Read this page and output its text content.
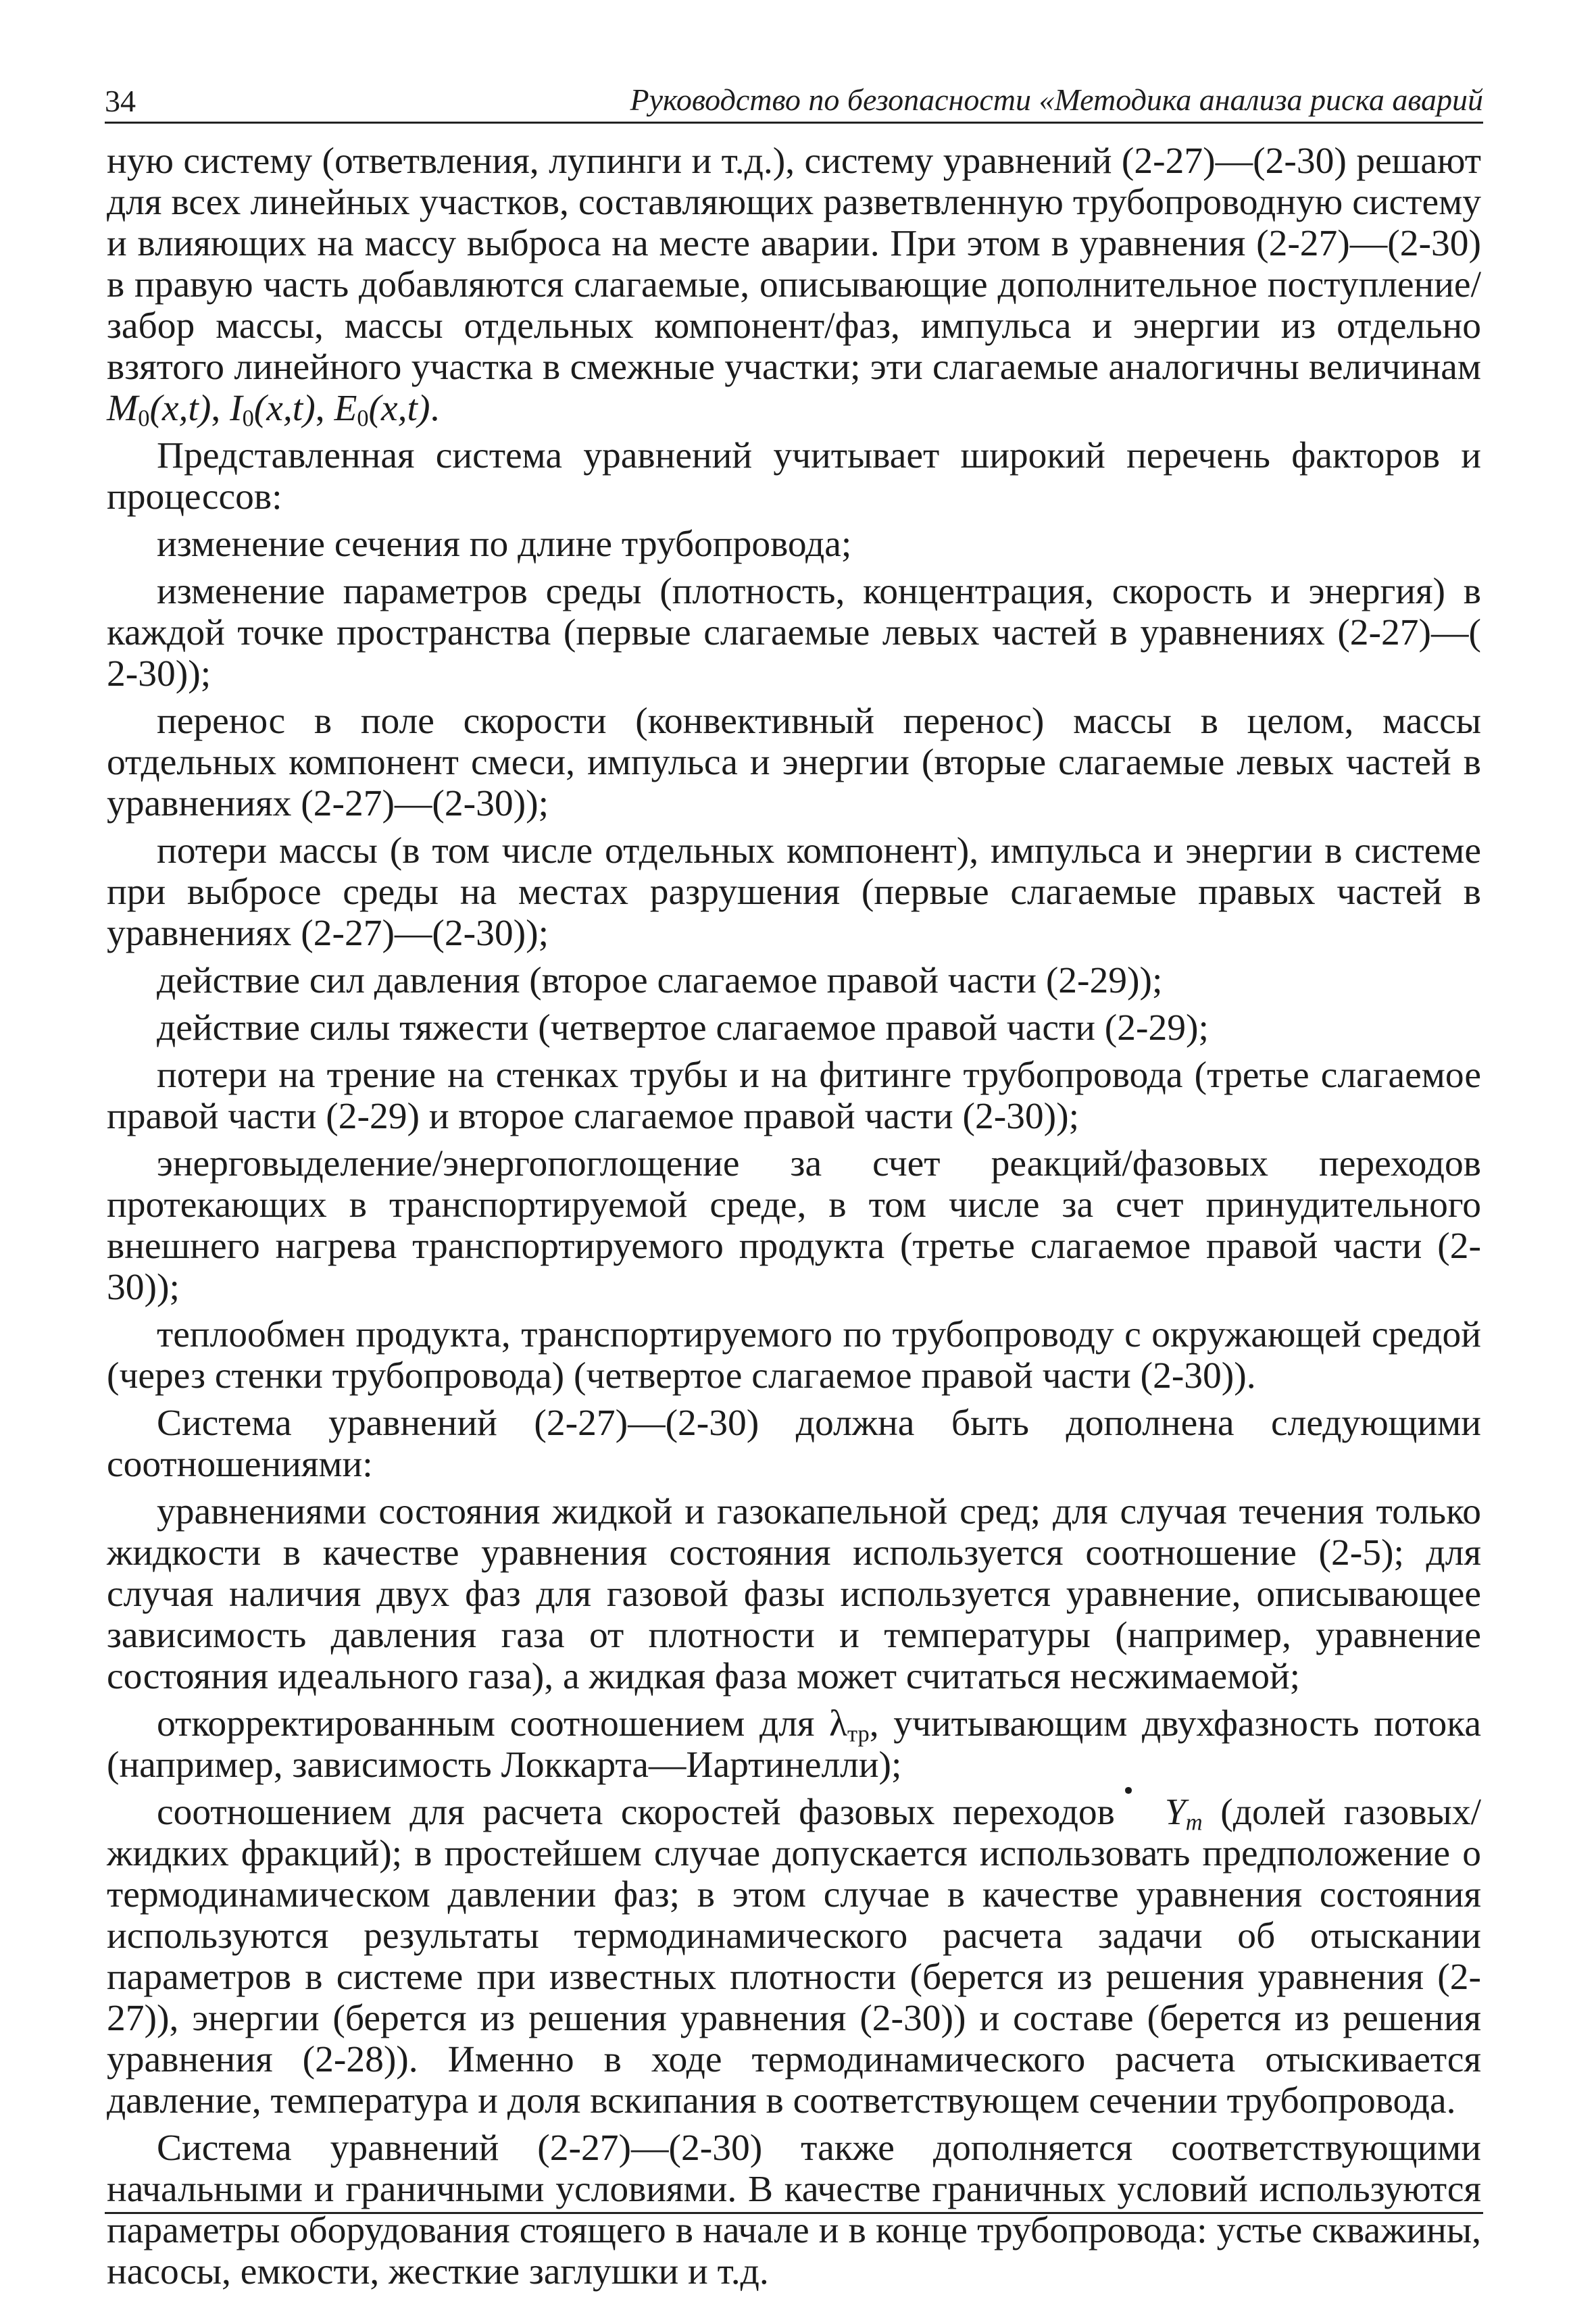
34	Руководство по безопасности «Методика анализа риска аварий

ную систему (ответвления, лупинги и т.д.), систему уравнений (2-27)—(2-30) решают для всех линейных участков, составляющих разветвленную трубопроводную систему и влияющих на массу выброса на месте аварии. При этом в уравнения (2-27)—(2-30) в правую часть добавляются слагаемые, описывающие дополнительное поступление/забор массы, массы отдельных компонент/фаз, импульса и энергии из отдельно взятого линейного участка в смежные участки; эти слагаемые аналогичны величинам $M_0(x,t)$, $I_0(x,t)$, $E_0(x,t)$.

Представленная система уравнений учитывает широкий перечень факторов и процессов:

изменение сечения по длине трубопровода;

изменение параметров среды (плотность, концентрация, скорость и энергия) в каждой точке пространства (первые слагаемые левых частей в уравнениях (2-27)—( 2-30));

перенос в поле скорости (конвективный перенос) массы в целом, массы отдельных компонент смеси, импульса и энергии (вторые слагаемые левых частей в уравнениях (2-27)—(2-30));

потери массы (в том числе отдельных компонент), импульса и энергии в системе при выбросе среды на местах разрушения (первые слагаемые правых частей в уравнениях (2-27)—(2-30));

действие сил давления (второе слагаемое правой части (2-29));

действие силы тяжести (четвертое слагаемое правой части (2-29);

потери на трение на стенках трубы и на фитинге трубопровода (третье слагаемое правой части (2-29) и второе слагаемое правой части (2-30));

энерговыделение/энергопоглощение за счет реакций/фазовых переходов протекающих в транспортируемой среде, в том числе за счет принудительного внешнего нагрева транспортируемого продукта (третье слагаемое правой части (2-30));

теплообмен продукта, транспортируемого по трубопроводу с окружающей средой (через стенки трубопровода) (четвертое слагаемое правой части (2-30)).

Система уравнений (2-27)—(2-30) должна быть дополнена следующими соотношениями:

уравнениями состояния жидкой и газокапельной сред; для случая течения только жидкости в качестве уравнения состояния используется соотношение (2-5); для случая наличия двух фаз для газовой фазы используется уравнение, описывающее зависимость давления газа от плотности и температуры (например, уравнение состояния идеального газа), а жидкая фаза может считаться несжимаемой;

откорректированным соотношением для $\lambda_{тр}$, учитывающим двухфазность потока (например, зависимость Локкарта—Иартинелли);

соотношением для расчета скоростей фазовых переходов $Y_m$ (долей газовых/жидких фракций); в простейшем случае допускается использовать предположение о термодинамическом давлении фаз; в этом случае в качестве уравнения состояния используются результаты термодинамического расчета задачи об отыскании параметров в системе при известных плотности (берется из решения уравнения (2-27)), энергии (берется из решения уравнения (2-30)) и составе (берется из решения уравнения (2-28)). Именно в ходе термодинамического расчета отыскивается давление, температура и доля вскипания в соответствующем сечении трубопровода.

Система уравнений (2-27)—(2-30) также дополняется соответствующими начальными и граничными условиями. В качестве граничных условий используются параметры оборудования стоящего в начале и в конце трубопровода: устье скважины, насосы, емкости, жесткие заглушки и т.д.
